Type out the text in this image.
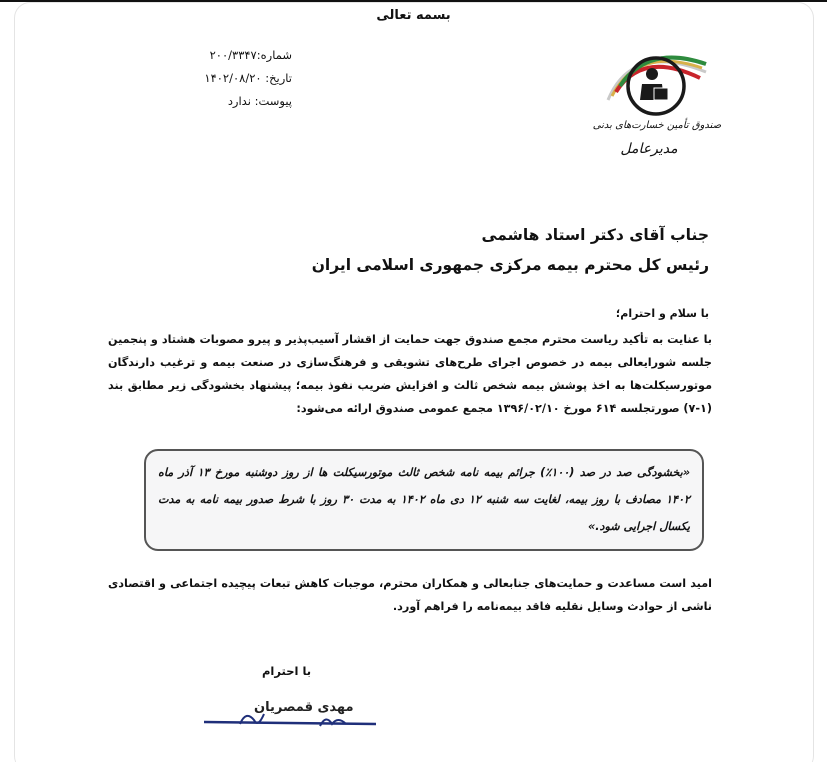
بسمه تعالی
شماره:۲۰۰/۳۳۴۷
تاریخ: ۱۴۰۲/۰۸/۲۰
پیوست: ندارد
صندوق تأمین خسارت‌های بدنی
مدیرعامل
جناب آقای دکتر استاد هاشمی
رئیس کل محترم بیمه مرکزی جمهوری اسلامی ایران
با سلام و احترام؛
با عنایت به تأکید ریاست محترم مجمع صندوق جهت حمایت از اقشار آسیب‌پذیر و پیرو مصوبات هشتاد و پنجمین جلسه شورایعالی بیمه در خصوص اجرای طرح‌های تشویقی و فرهنگ‌سازی در صنعت بیمه و ترغیب دارندگان موتورسیکلت‌ها به اخذ پوشش بیمه شخص ثالث و افزایش ضریب نفوذ بیمه؛ پیشنهاد بخشودگی زیر مطابق بند (۱-۷) صورتجلسه ۶۱۴ مورخ ۱۳۹۶/۰۲/۱۰ مجمع عمومی صندوق ارائه می‌شود:
«بخشودگی صد در صد (۱۰۰٪) جرائم بیمه نامه شخص ثالث موتورسیکلت ها از روز دوشنبه مورخ ۱۳ آذر ماه ۱۴۰۲ مصادف با روز بیمه، لغایت سه شنبه ۱۲ دی ماه ۱۴۰۲ به مدت ۳۰ روز با شرط صدور بیمه نامه به مدت یکسال اجرایی شود.»
امید است مساعدت و حمایت‌های جنابعالی و همکاران محترم، موجبات کاهش تبعات پیچیده اجتماعی و اقتصادی ناشی از حوادث وسایل نقلیه فاقد بیمه‌نامه را فراهم آورد.
با احترام
مهدی قمصریان
